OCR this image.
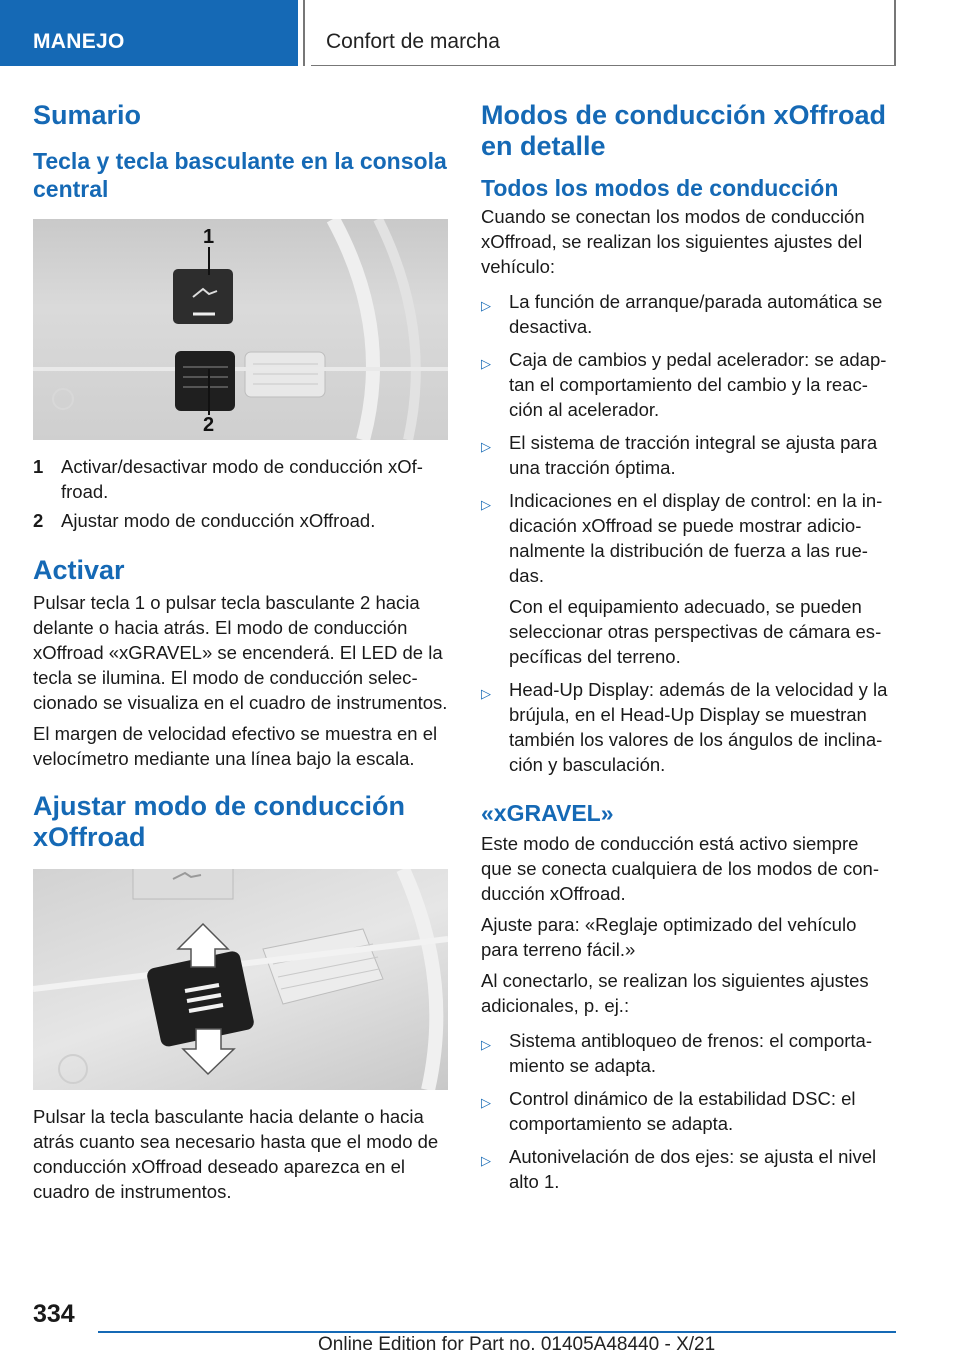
MANEJO	Confort de marcha
Sumario
Tecla y tecla basculante en la consola central
1
2
1 Activar/desactivar modo de conducción xOffroad.
2 Ajustar modo de conducción xOffroad.
Activar

Pulsar tecla 1 o pulsar tecla basculante 2 hacia delante o hacia atrás. El modo de conducción xOffroad «xGRAVEL» se encenderá. El LED de la tecla se ilumina. El modo de conducción seleccionado se visualiza en el cuadro de instrumentos.

El margen de velocidad efectivo se muestra en el velocímetro mediante una línea bajo la escala.

Ajustar modo de conducción xOffroad

Pulsar la tecla basculante hacia delante o hacia atrás cuanto sea necesario hasta que el modo de conducción xOffroad deseado aparezca en el cuadro de instrumentos.

Modos de conducción xOffroad en detalle
Todos los modos de conducción

Cuando se conectan los modos de conducción xOffroad, se realizan los siguientes ajustes del vehículo:

▷ La función de arranque/parada automática se desactiva.
▷ Caja de cambios y pedal acelerador: se adaptan el comportamiento del cambio y la reacción al acelerador.
▷ El sistema de tracción integral se ajusta para una tracción óptima.
▷ Indicaciones en el display de control: en la indicación xOffroad se puede mostrar adicionalmente la distribución de fuerza a las ruedas.
Con el equipamiento adecuado, se pueden seleccionar otras perspectivas de cámara específicas del terreno.
▷ Head-Up Display: además de la velocidad y la brújula, en el Head-Up Display se muestran también los valores de los ángulos de inclinación y basculación.
«xGRAVEL»

Este modo de conducción está activo siempre que se conecta cualquiera de los modos de conducción xOffroad.

Ajuste para: «Reglaje optimizado del vehículo para terreno fácil.»

Al conectarlo, se realizan los siguientes ajustes adicionales, p. ej.:

▷ Sistema antibloqueo de frenos: el comportamiento se adapta.
▷ Control dinámico de la estabilidad DSC: el comportamiento se adapta.
▷ Autonivelación de dos ejes: se ajusta el nivel alto 1.
334
Online Edition for Part no. 01405A48440 - X/21
